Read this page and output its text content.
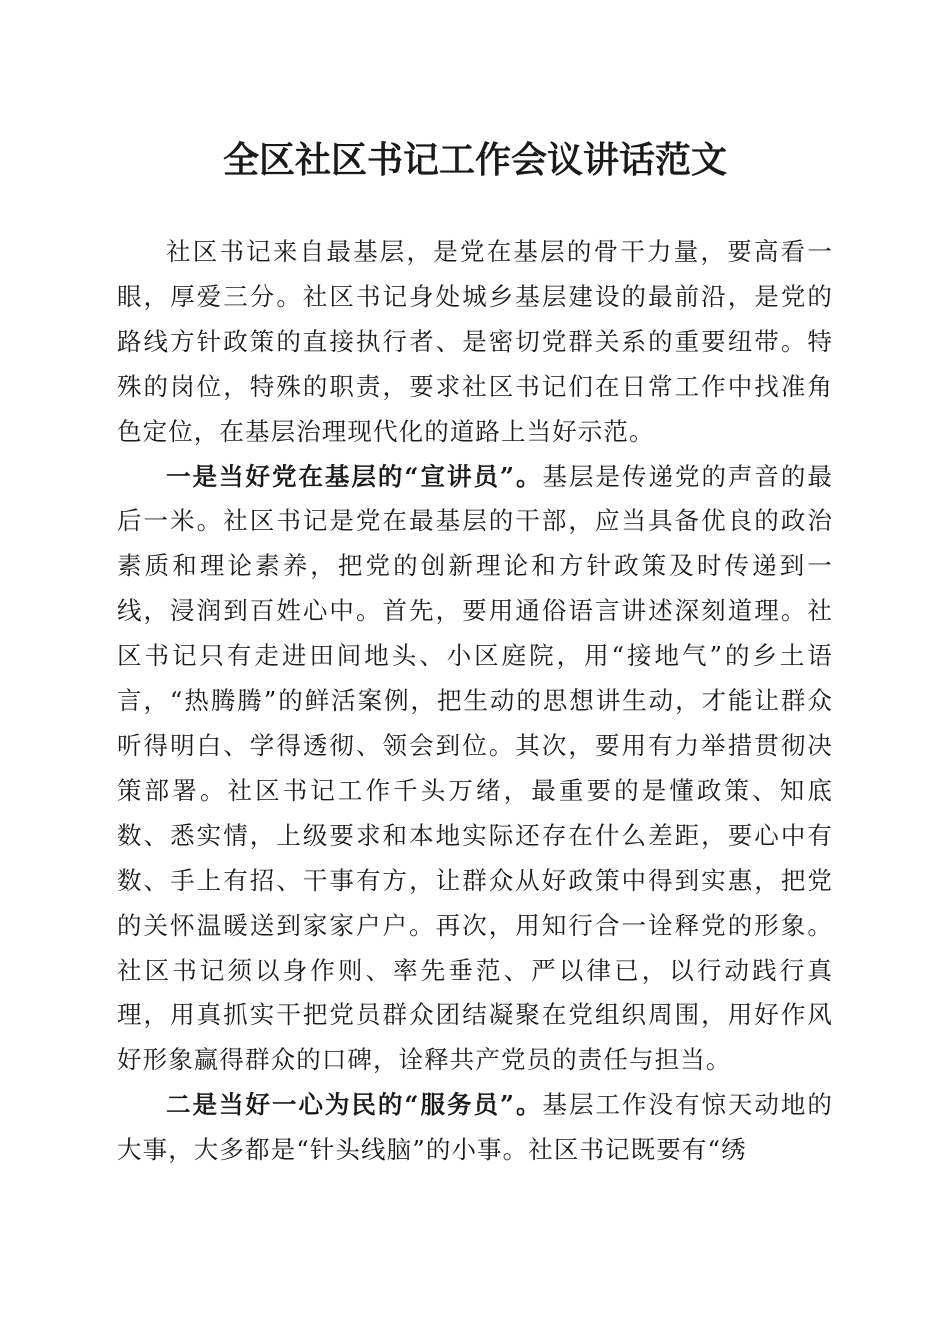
全区社区书记工作会议讲话范文

社区书记来自最基层，是党在基层的骨干力量，要高看一眼，厚爱三分。社区书记身处城乡基层建设的最前沿，是党的路线方针政策的直接执行者、是密切党群关系的重要纽带。特殊的岗位，特殊的职责，要求社区书记们在日常工作中找准角色定位，在基层治理现代化的道路上当好示范。

一是当好党在基层的“宣讲员”。基层是传递党的声音的最后一米。社区书记是党在最基层的干部，应当具备优良的政治素质和理论素养，把党的创新理论和方针政策及时传递到一线，浸润到百姓心中。首先，要用通俗语言讲述深刻道理。社区书记只有走进田间地头、小区庭院，用“接地气”的乡土语言，“热腾腾”的鲜活案例，把生动的思想讲生动，才能让群众听得明白、学得透彻、领会到位。其次，要用有力举措贯彻决策部署。社区书记工作千头万绪，最重要的是懂政策、知底数、悉实情，上级要求和本地实际还存在什么差距，要心中有数、手上有招、干事有方，让群众从好政策中得到实惠，把党的关怀温暖送到家家户户。再次，用知行合一诠释党的形象。社区书记须以身作则、率先垂范、严以律已，以行动践行真理，用真抓实干把党员群众团结凝聚在党组织周围，用好作风好形象赢得群众的口碑，诠释共产党员的责任与担当。

二是当好一心为民的“服务员”。基层工作没有惊天动地的大事，大多都是“针头线脑”的小事。社区书记既要有“绣
